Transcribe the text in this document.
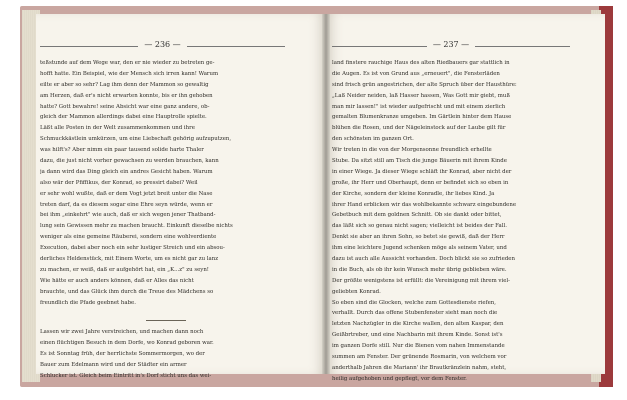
— 236 —	— 237 —
teßstunde auf dem Wege war, den er nie wieder zu betreten ge-
hofft hatte. Ein Beispiel, wie der Mensch sich irren kann! Warum
eilte er aber so sehr? Lag ihm denn der Mammon so gewaltig
am Herzen, daß er's nicht erwarten konnte, bis er ihn gehoben
hatte? Gott bewahre! seine Absicht war eine ganz andere, ob-
gleich der Mammon allerdings dabei eine Hauptrolle spielte.
Läßt alle Posten in der Welt zusammenkommen und ihre
Schmuckkästlein umkürzen, um eine Liebschaft gehörig aufzuputzen,
was hilft's? Aber nimm ein paar tausend solide harte Thaler
dazu, die just nicht vorher gewachsen zu werden brauchen, kann
ja dann wird das Ding gleich ein andres Gesicht haben. Warum
also wär der Pfiffikus, der Konrad, so pressirt dabei? Weil
er sehr wohl wußte, daß er dem Vogt jetzt breit unter die Nase
treten darf, da es diesem sogar eine Ehre seyn würde, wenn er
bei ihm „einkehrt" wie auch, daß er sich wegen jener Thatband-
lung sein Gewissen mehr zu machen braucht. Einkunft dieselbe nichts
weniger als eine gemeine Räuberei, sondern eine wohlverdiente
Execution, dabei aber noch ein sehr lustiger Streich und ein absou-
derliches Heldenstück, mit Einem Worte, um es nicht gar zu lanz
zu machen, er weiß, daß er aufgehört hat, ein „K...z" zu seyn!
Wie hätte er auch anders können, daß er Alles das nicht
brauchte, und das Glück ihm durch die Treue des Mädchens so
freundlich die Pfade geebnet habe.
Lassen wir zwei Jahre verstreichen, und machen dann noch
einen flüchtigen Besuch in dem Dorfe, wo Konrad geboren war.
Es ist Sonntag früh, der herrlichste Sommermorgen, wo der
Bauer zum Edelmann wird und der Städter ein armer
Schlucker ist. Gleich beim Eintritt in's Dorf sticht uns das wei-
land finstere rauchige Haus des alten Riedbauers gar stattlich in
die Augen. Es ist von Grund aus „erneuert", die Fensterläden
sind frisch grün angestrichen, der alte Spruch über der Hausthüre:
„Laß Neider neiden, laß Hasser hassen, Was Gott mir giebt, muß
man mir lassen!" ist wieder aufgefrischt und mit einem zierlich
gemalten Blumenkranze umgeben. Im Gärtlein hinter dem Hause
blühen die Rosen, und der Nägeleinstock auf der Laube gilt für
den schönsten im ganzen Ort.
Wir treten in die von der Morgensonne freundlich erhellte
Stube. Da sitzt still am Tisch die junge Bäuerin mit ihrem Kinde
in einer Wiege. Ja dieser Wiege schläft ihr Konrad, aber nicht der
große, ihr Herr und Oberhaupt, denn er befindet sich so eben in
der Kirche, sondern der kleine Konradle, ihr liebes Kind. Ja
ihrer Hand erblicken wir das wohlbekannte schwarz eingebundene
Gebetbuch mit dem goldnen Schnitt. Ob sie dankt oder bittet,
das läßt sich so genau nicht sagen; vielleicht ist beides der Fall.
Denkt sie aber an ihren Sohn, so betet sie gewiß, daß der Herr
ihm eine leichtere Jugend schenken möge als seinem Vater, und
dazu ist auch alle Aussicht vorhanden. Doch blickt sie so zufrieden
in die Buch, als ob ihr kein Wunsch mehr übrig geblieben wäre.
Der größte wenigstens ist erfüllt: die Vereinigung mit ihrem viel-
geliebten Konrad.
So eben sind die Glocken, welche zum Gottesdienste riefen,
verhallt. Durch das offene Stubenfenster sieht man noch die
letzten Nachzügler in die Kirche wallen, den alten Kaspar, den
Geißbrtreber, und eine Nachbarin mit ihrem Kinde. Sonst ist's
im ganzen Dorfe still. Nur die Bienen vom nahen Immenstande
summen am Fenster. Der grünende Rosmarin, von welchem vor
anderthalb Jahren die Mariann' ihr Brautkränzlein nahm, steht,
heilig aufgehoben und gepflegt, vor dem Fenster.
